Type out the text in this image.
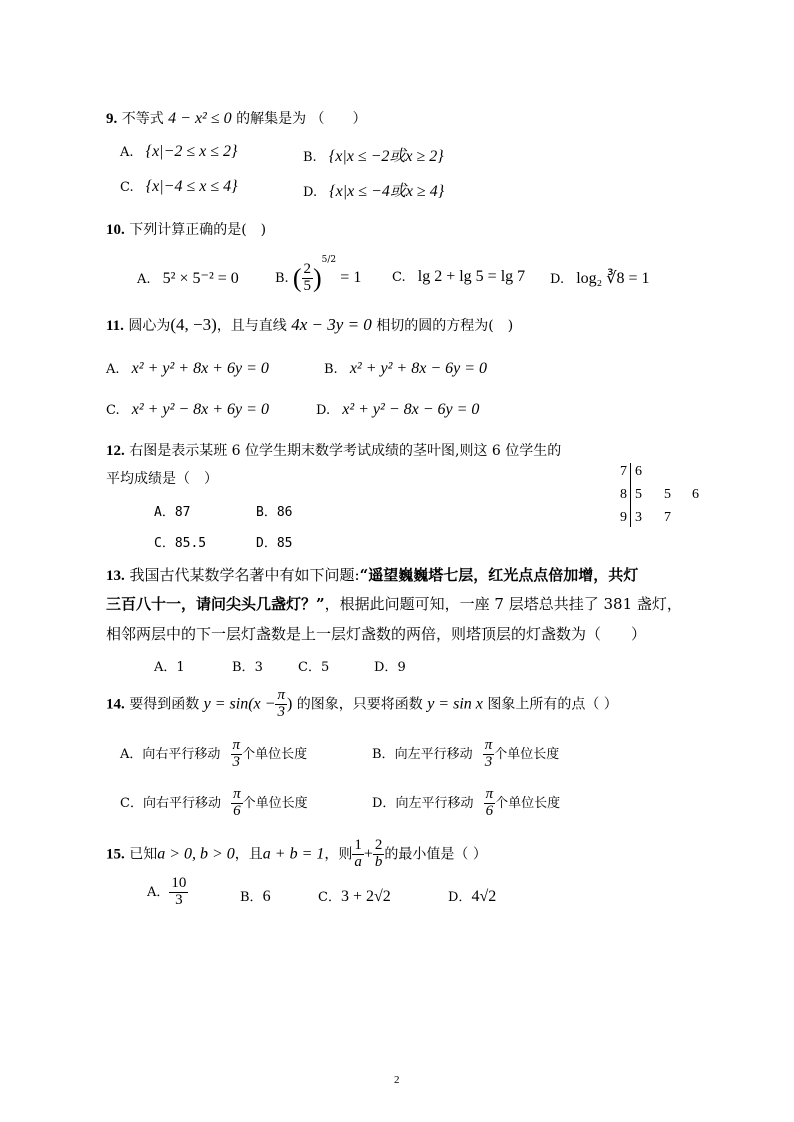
9. 不等式 4 − x² ≤ 0 的解集是为 （　　）
A. {x|−2 ≤ x ≤ 2}	B. {x|x ≤ −2或x ≥ 2}
C. {x|−4 ≤ x ≤ 4}	D. {x|x ≤ −4或x ≥ 4}
10. 下列计算正确的是(　)
A. 5² × 5⁻² = 0	B. ( $\frac{2}{5} )^{5/2} = 1$ C. lg 2 + lg 5 = lg 7 D. log₂ ∛8 = 1
11. 圆心为(4, −3)，且与直线 4x − 3y = 0 相切的圆的方程为(　)
A. x² + y² + 8x + 6y = 0	B. x² + y² + 8x − 6y = 0
C. x² + y² − 8x + 6y = 0	D. x² + y² − 8x − 6y = 0
12. 右图是表示某班 6 位学生期末数学考试成绩的茎叶图,则这 6 位学生的
平均成绩是（　）
A．87	B．86
C．85.5	D．85
7 6
8 5 5 6
9 3 7
13. 我国古代某数学名著中有如下问题:“遥望巍巍塔七层，红光点点倍加增，共灯
三百八十一，请问尖头几盏灯？”，根据此问题可知，一座 7 层塔总共挂了 381 盏灯，
相邻两层中的下一层灯盏数是上一层灯盏数的两倍，则塔顶层的灯盏数为（　　）
A．1	B．3	C．5	D．9
14. 要得到函数 $y = \sin(x - \frac{\pi}{3}$ ) 的图象，只要将函数 y = sin x 图象上所有的点（ ）
A．向右平行移动 $\frac{\pi}{3}$ 个单位长度	B．向左平行移动 $\frac{\pi}{3}$ 个单位长度
C．向右平行移动 $\frac{\pi}{6}$ 个单位长度	D．向左平行移动 $\frac{\pi}{6}$ 个单位长度
15. 已知a > 0, b > 0，且a + b = 1，则 $\frac{1}{a} + \frac{2}{b}$ 的最小值是（ ）
A． $\frac{10}{3}$	B．6	C．3 + 2√2	D．4√2
2
